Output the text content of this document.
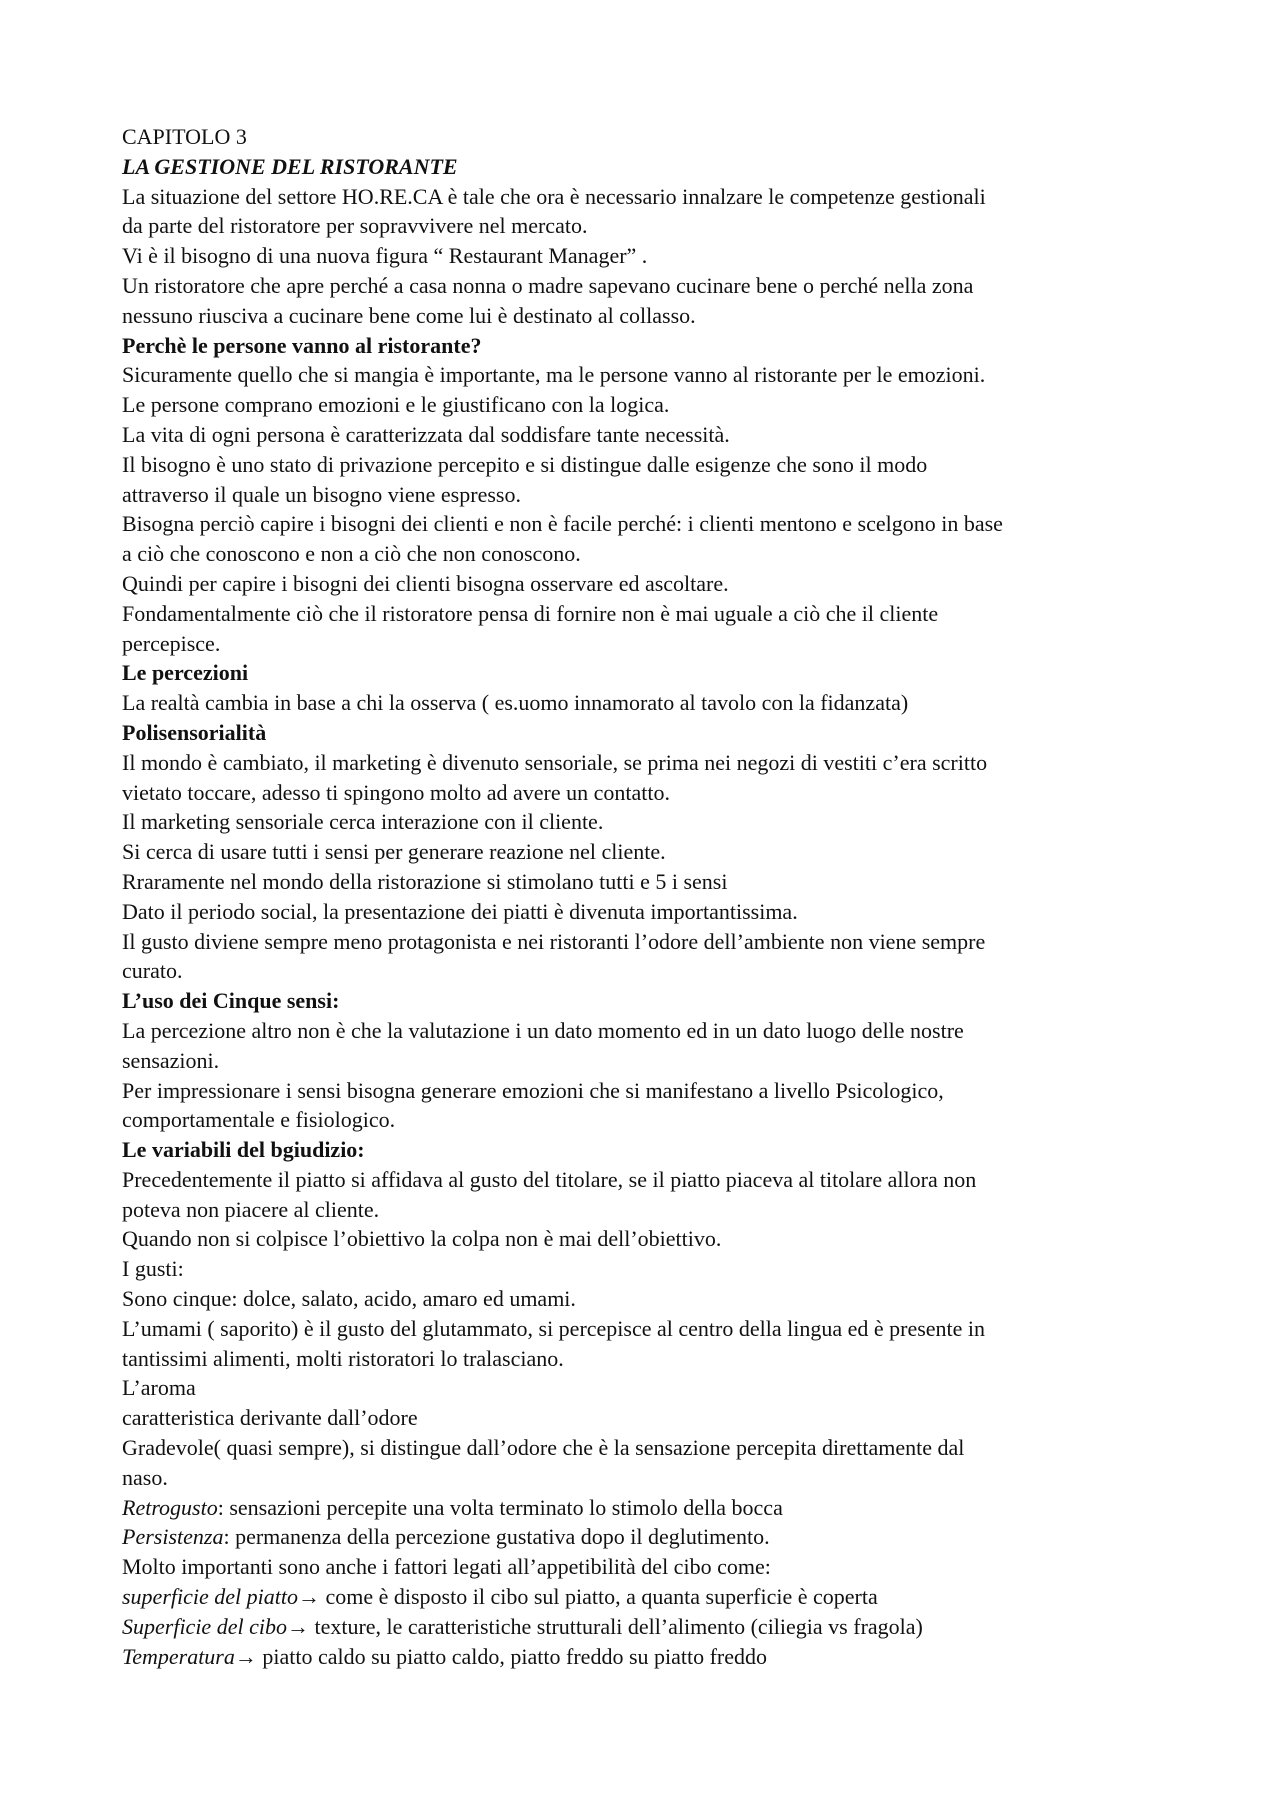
CAPITOLO 3
LA GESTIONE DEL RISTORANTE
La situazione del settore HO.RE.CA è tale che ora è necessario innalzare le competenze gestionali
da parte del ristoratore per sopravvivere nel mercato.
Vi è il bisogno di una nuova figura “ Restaurant Manager” .
Un ristoratore che apre perché a casa nonna o madre sapevano cucinare bene o perché nella zona
nessuno riusciva a cucinare bene come lui è destinato al collasso.
Perchè le persone vanno al ristorante?
Sicuramente quello che si mangia è importante, ma le persone vanno al ristorante per le emozioni.
Le persone comprano emozioni e le giustificano con la logica.
La vita di ogni persona è caratterizzata dal soddisfare tante necessità.
Il bisogno è uno stato di privazione percepito e si distingue dalle esigenze che sono il modo
attraverso il quale un bisogno viene espresso.
Bisogna perciò capire i bisogni dei clienti e non è facile perché: i clienti mentono e scelgono in base
a ciò che conoscono e non a ciò che non conoscono.
Quindi per capire i bisogni dei clienti bisogna osservare ed ascoltare.
Fondamentalmente ciò che il ristoratore pensa di fornire non è mai uguale a ciò che il cliente
percepisce.
Le percezioni
La realtà cambia in base a chi la osserva ( es.uomo innamorato al tavolo con la fidanzata)
Polisensorialità
Il mondo è cambiato, il marketing è divenuto sensoriale, se prima nei negozi di vestiti c’era scritto
vietato toccare, adesso ti spingono molto ad avere un contatto.
Il marketing sensoriale cerca interazione con il cliente.
Si cerca di usare tutti i sensi per generare reazione nel cliente.
Rraramente nel mondo della ristorazione si stimolano tutti e 5 i sensi
Dato il periodo social, la presentazione dei piatti è divenuta importantissima.
Il gusto diviene sempre meno protagonista e nei ristoranti l’odore dell’ambiente non viene sempre
curato.
L’uso dei Cinque sensi:
La percezione altro non è che la valutazione i un dato momento ed in un dato luogo delle nostre
sensazioni.
Per impressionare i sensi bisogna generare emozioni che si manifestano a livello Psicologico,
comportamentale e fisiologico.
Le variabili del bgiudizio:
Precedentemente il piatto si affidava al gusto del titolare, se il piatto piaceva al titolare allora non
poteva non piacere al cliente.
Quando non si colpisce l’obiettivo la colpa non è mai dell’obiettivo.
I gusti:
Sono cinque: dolce, salato, acido, amaro ed umami.
L’umami ( saporito) è il gusto del glutammato, si percepisce al centro della lingua ed è presente in
tantissimi alimenti, molti ristoratori lo tralasciano.
L’aroma
caratteristica derivante dall’odore
Gradevole( quasi sempre), si distingue dall’odore che è la sensazione percepita direttamente dal
naso.
Retrogusto: sensazioni percepite una volta terminato lo stimolo della bocca
Persistenza: permanenza della percezione gustativa dopo il deglutimento.
Molto importanti sono anche i fattori legati all’appetibilità del cibo come:
superficie del piatto→ come è disposto il cibo sul piatto, a quanta superficie è coperta
Superficie del cibo→ texture, le caratteristiche strutturali dell’alimento (ciliegia vs fragola)
Temperatura→ piatto caldo su piatto caldo, piatto freddo su piatto freddo
